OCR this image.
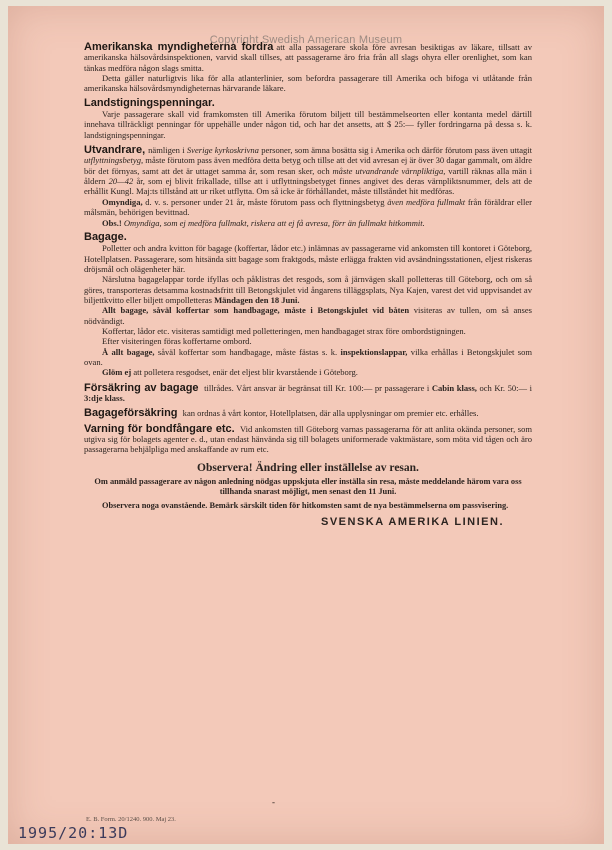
Copyright Swedish American Museum

Amerikanska myndigheterna fordra att alla passagerare skola före avresan besiktigas av läkare, tillsatt av amerikanska hälsovårdsinspektionen, varvid skall tillses, att passagerarne äro fria från all slags ohyra eller orenlighet, som kan tänkas medföra någon slags smitta.

Detta gäller naturligtvis lika för alla atlanterlinier, som befordra passagerare till Amerika och bifoga vi utlåtande från amerikanska hälsovårdsmyndigheternas härvarande läkare.

Landstigningspenningar.

Varje passagerare skall vid framkomsten till Amerika förutom biljett till bestämmelseorten eller kontanta medel därtill innehava tillräckligt penningar för uppehälle under någon tid, och har det ansetts, att $ 25:— fyller fordringarna på dessa s. k. landstigningspenningar.

Utvandrare, nämligen i Sverige kyrkoskrivna personer, som ämna bosätta sig i Amerika och därför förutom pass även uttagit utflyttningsbetyg, måste förutom pass även medföra detta betyg och tillse att det vid avresan ej är över 30 dagar gammalt, om äldre bör det förnyas, samt att det är uttaget samma år, som resan sker, och måste utvandrande värnpliktiga, vartill räknas alla män i åldern 20—42 år, som ej blivit frikallade, tillse att i utflyttningsbetyget finnes angivet des deras värnpliktsnummer, dels att de erhållit Kungl. Maj:ts tillstånd att ur riket utflytta. Om så icke är förhållandet, måste tillståndet hit medföras.

Omyndiga, d. v. s. personer under 21 år, måste förutom pass och flyttningsbetyg även medföra fullmakt från föräldrar eller målsmän, behörigen bevittnad.

Obs.! Omyndiga, som ej medföra fullmakt, riskera att ej få avresa, förr än fullmakt hitkommit.

Bagage.

Polletter och andra kvitton för bagage (koffertar, lådor etc.) inlämnas av passagerarne vid ankomsten till kontoret i Göteborg, Hotellplatsen. Passagerare, som hitsända sitt bagage som fraktgods, måste erlägga frakten vid avsändningsstationen, eljest riskeras dröjsmål och olägenheter här.

Närslutna bagagelappar torde ifyllas och påklistras det resgods, som å järnvägen skall polletteras till Göteborg, och om så göres, transporteras detsamma kostnadsfritt till Betongskjulet vid ångarens tilläggsplats, Nya Kajen, varest det vid uppvisandet av biljettkvitto eller biljett ompolletteras Mändagen den 18 Juni.

Allt bagage, såväl koffertar som handbagage, måste i Betongskjulet vid båten visiteras av tullen, om så anses nödvändigt.

Koffertar, lådor etc. visiteras samtidigt med polletteringen, men handbagaget strax före ombordstigningen.

Efter visiteringen föras koffertarne ombord.

Å allt bagage, såväl koffertar som handbagage, måste fästas s. k. inspektionslappar, vilka erhållas i Betongskjulet som ovan.

Glöm ej att polletera resgodset, enär det eljest blir kvarstående i Göteborg.

Försäkring av bagage tillrådes. Vårt ansvar är begränsat till Kr. 100:— pr passagerare i Cabin klass, och Kr. 50:— i 3:dje klass.

Bagageförsäkring kan ordnas å vårt kontor, Hotellplatsen, där alla upplysningar om premier etc. erhålles.

Varning för bondfångare etc. Vid ankomsten till Göteborg varnas passagerarna för att anlita okända personer, som utgiva sig för bolagets agenter e. d., utan endast hänvända sig till bolagets uniformerade vaktmästare, som möta vid tågen och äro passagerarna behjälpliga med anskaffande av rum etc.

Observera! Ändring eller inställelse av resan.

Om anmäld passagerare av någon anledning nödgas uppskjuta eller inställa sin resa, måste meddelande härom vara oss tillhanda snarast möjligt, men senast den 11 Juni.

Observera noga ovanstående. Bemärk särskilt tiden för hitkomsten samt de nya bestämmelserna om passvisering.

SVENSKA AMERIKA LINIEN.
-
E. B. Form. 20/1240. 900. Maj 23.
1995/20:13D
